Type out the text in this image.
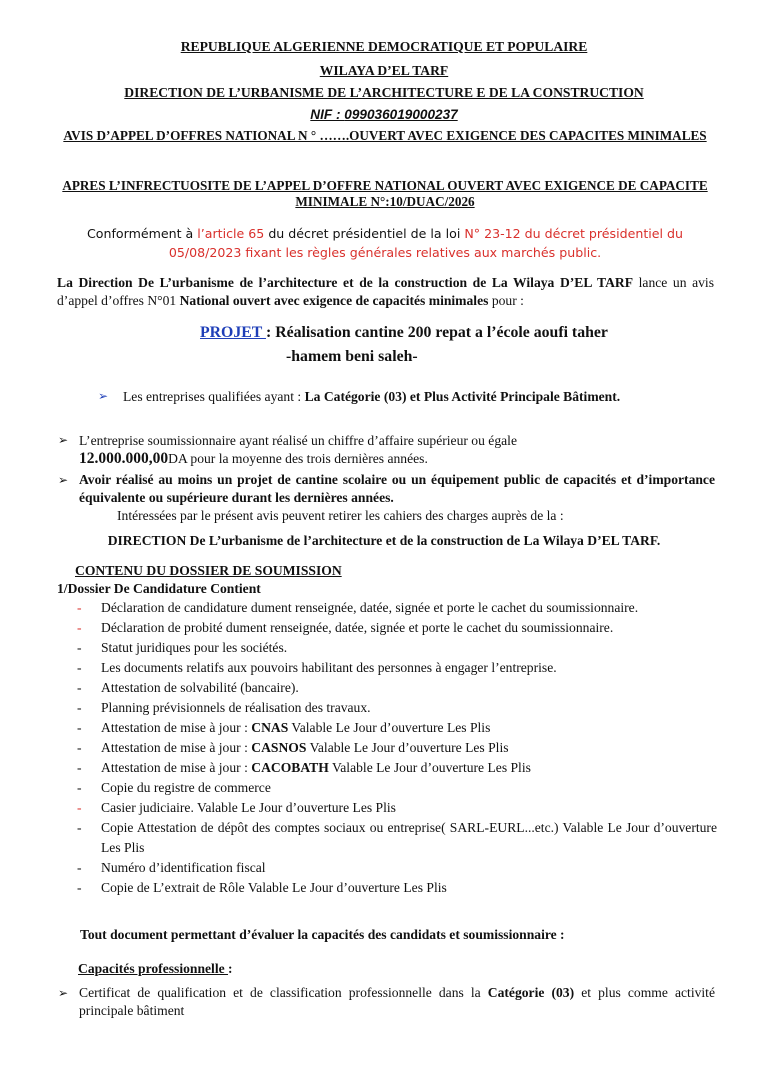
REPUBLIQUE ALGERIENNE DEMOCRATIQUE ET POPULAIRE
WILAYA D’EL TARF
DIRECTION DE L’URBANISME DE L’ARCHITECTURE E DE LA CONSTRUCTION
NIF : 099036019000237
AVIS D’APPEL D’OFFRES NATIONAL N ° …….OUVERT AVEC EXIGENCE DES CAPACITES MINIMALES
APRES L’INFRECTUOSITE DE L’APPEL D’OFFRE NATIONAL OUVERT AVEC EXIGENCE DE CAPACITE MINIMALE N°:10/DUAC/2026
Conformément à l’article 65 du décret présidentiel de la loi N° 23-12 du décret présidentiel du 05/08/2023 fixant les règles générales relatives aux marchés public.
La Direction De L’urbanisme de l’architecture et de la construction de La Wilaya D’EL TARF lance un avis d’appel d’offres N°01 National ouvert avec exigence de capacités minimales pour :
PROJET : Réalisation cantine 200 repat a l’école aoufi taher
-hamem beni saleh-
➢ Les entreprises qualifiées ayant : La Catégorie (03) et Plus Activité Principale Bâtiment.
➢ L’entreprise soumissionnaire ayant réalisé un chiffre d’affaire supérieur ou égale
12.000.000,00DA pour la moyenne des trois dernières années.
➢ Avoir réalisé au moins un projet de cantine scolaire ou un équipement public de capacités et d’importance équivalente ou supérieure durant les dernières années.
Intéressées par le présent avis peuvent retirer les cahiers des charges auprès de la :
DIRECTION De L’urbanisme de l’architecture et de la construction de La Wilaya D’EL TARF.
CONTENU DU DOSSIER DE SOUMISSION
1/Dossier De Candidature Contient
- Déclaration de candidature dument renseignée, datée, signée et porte le cachet du soumissionnaire.
- Déclaration de probité dument renseignée, datée, signée et porte le cachet du soumissionnaire.
- Statut juridiques pour les sociétés.
- Les documents relatifs aux pouvoirs habilitant des personnes à engager l’entreprise.
- Attestation de solvabilité (bancaire).
- Planning prévisionnels de réalisation des travaux.
- Attestation de mise à jour : CNAS Valable Le Jour d’ouverture Les Plis
- Attestation de mise à jour : CASNOS Valable Le Jour d’ouverture Les Plis
- Attestation de mise à jour : CACOBATH Valable Le Jour d’ouverture Les Plis
- Copie du registre de commerce
- Casier judiciaire. Valable Le Jour d’ouverture Les Plis
- Copie Attestation de dépôt des comptes sociaux ou entreprise( SARL-EURL...etc.) Valable Le Jour d’ouverture Les Plis
- Numéro d’identification fiscal
- Copie de L’extrait de Rôle Valable Le Jour d’ouverture Les Plis
Tout document permettant d’évaluer la capacités des candidats et soumissionnaire :
Capacités professionnelle :
➢ Certificat de qualification et de classification professionnelle dans la Catégorie (03) et plus comme activité principale bâtiment
